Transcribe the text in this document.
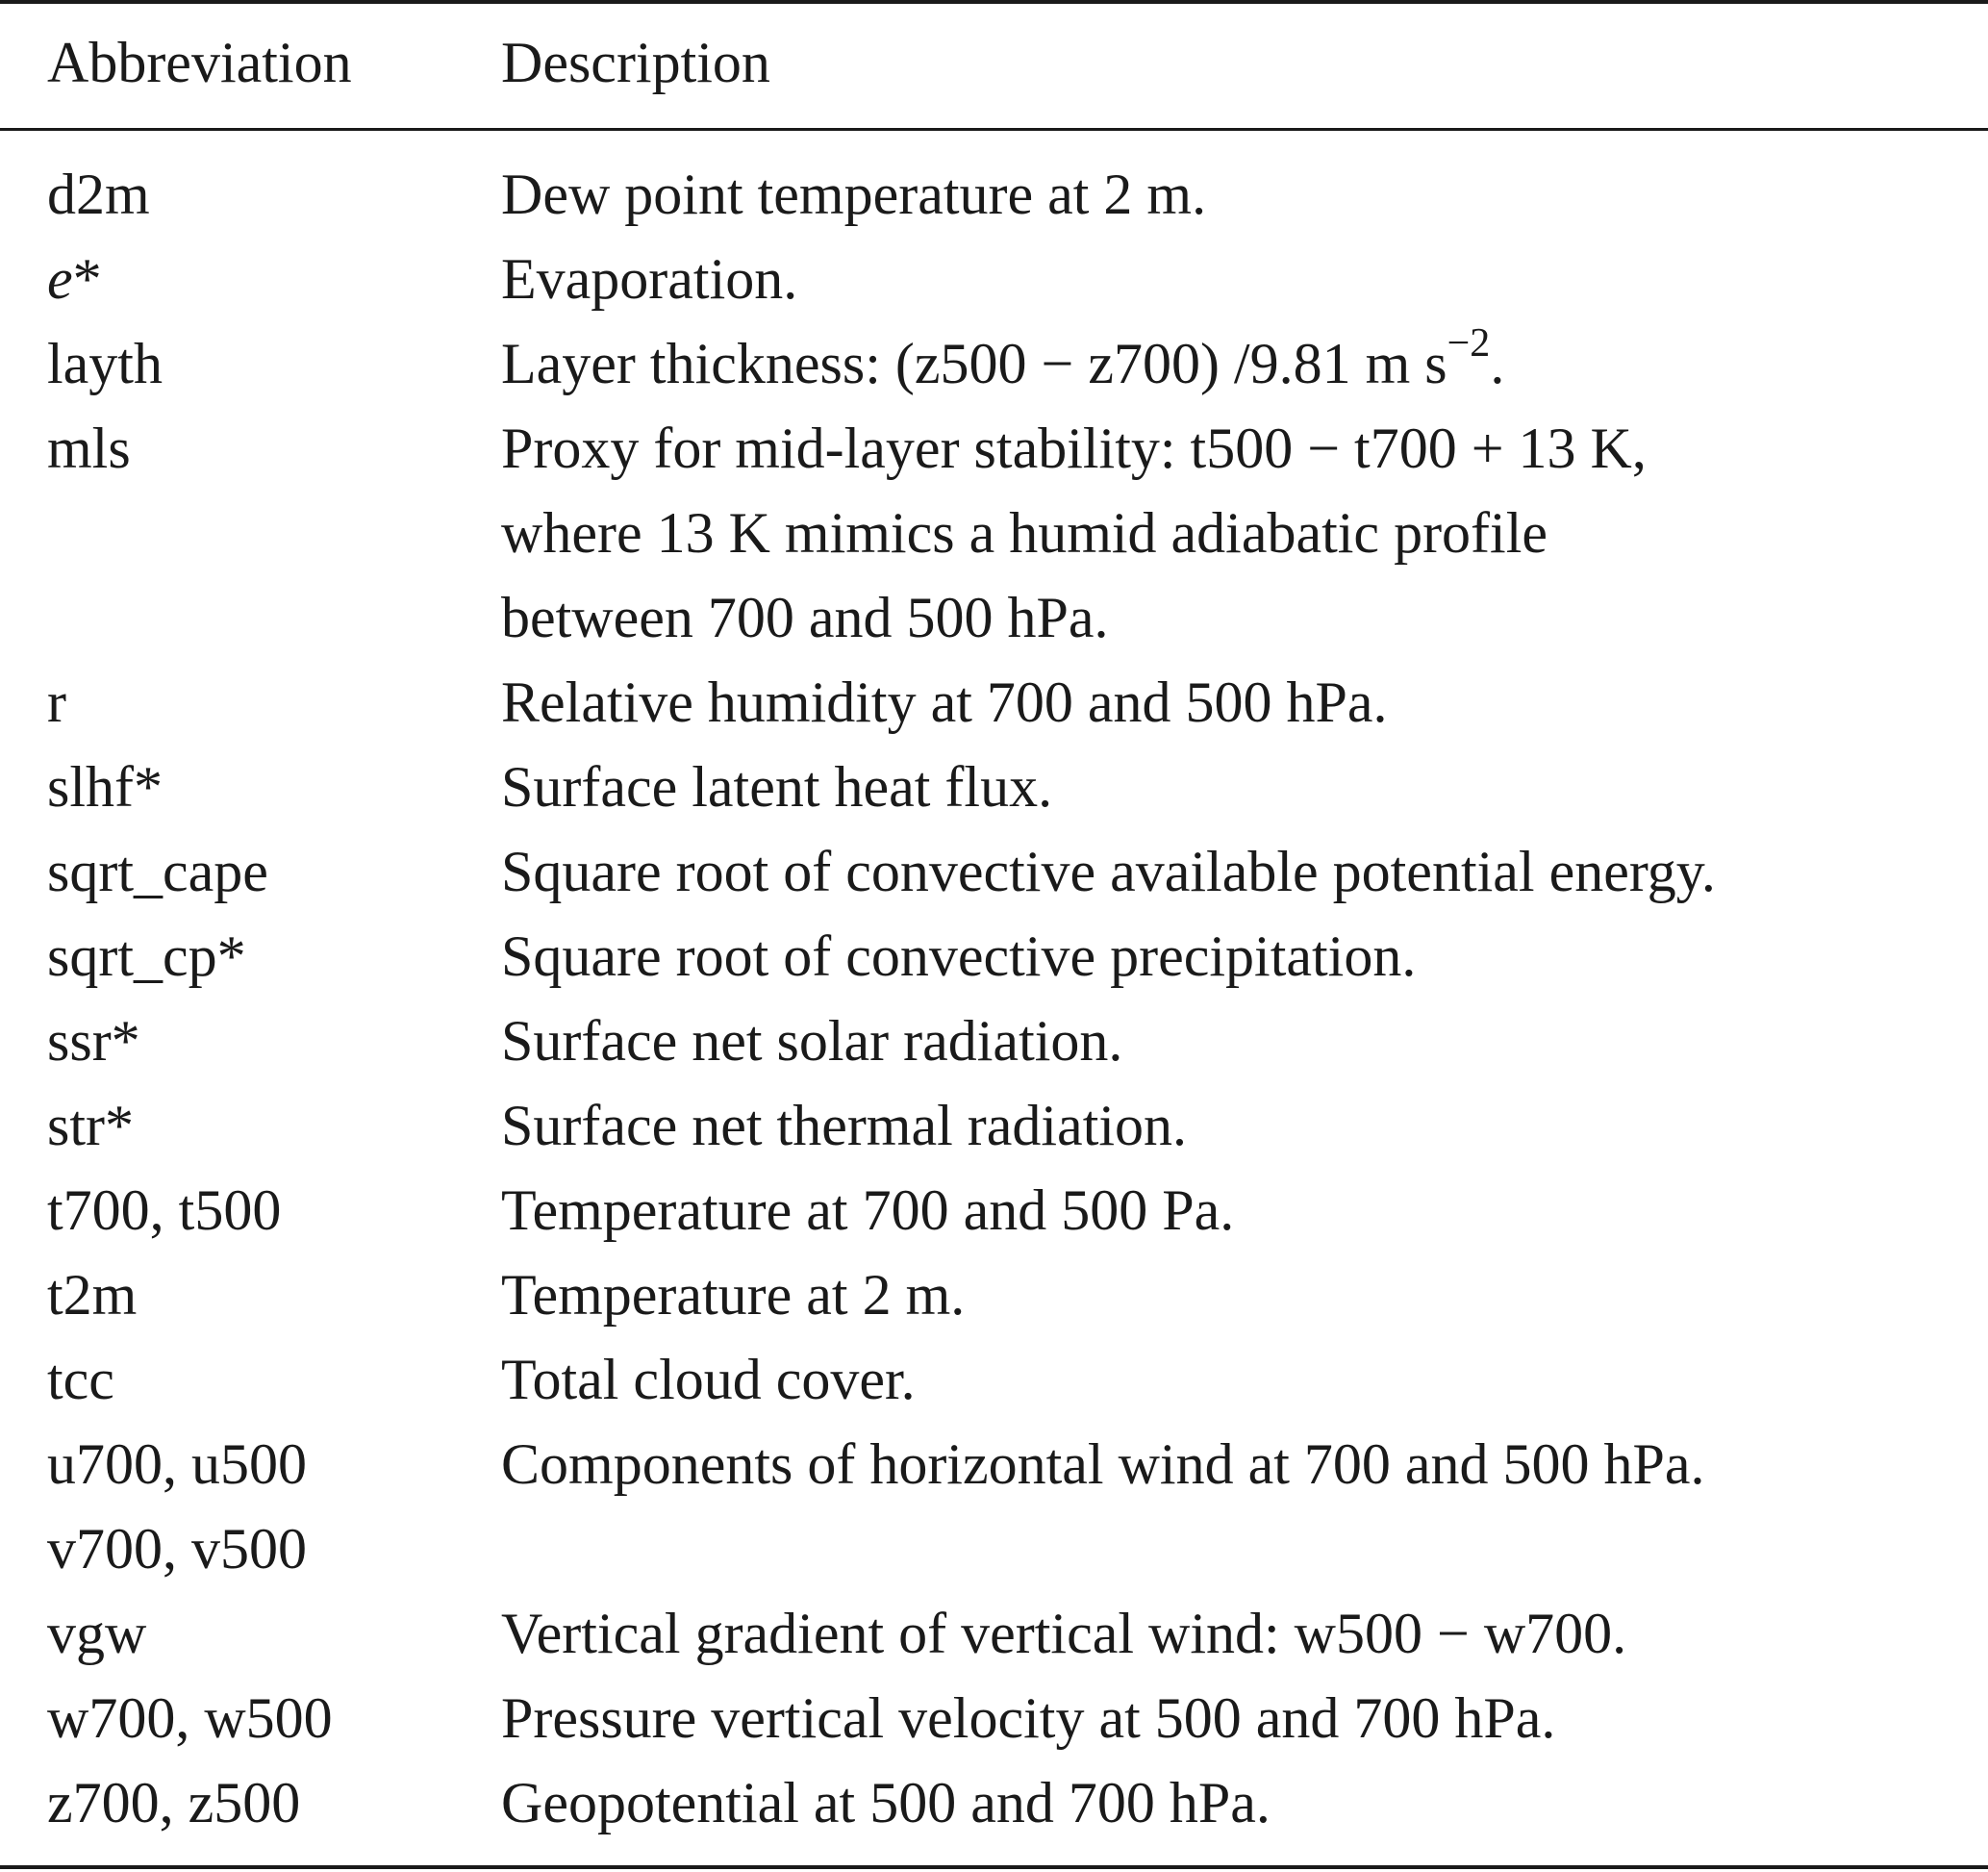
Abbreviation	Description
d2m	Dew point temperature at 2 m.
e*	Evaporation.
layth	Layer thickness: (z500 − z700) /9.81 m $s^{-2}$.
mls	Proxy for mid-layer stability: t500 − t700 + 13 K,
where 13 K mimics a humid adiabatic profile
between 700 and 500 hPa.
r	Relative humidity at 700 and 500 hPa.
slhf*	Surface latent heat flux.
sqrt_cape	Square root of convective available potential energy.
sqrt_cp*	Square root of convective precipitation.
ssr*	Surface net solar radiation.
str*	Surface net thermal radiation.
t700, t500	Temperature at 700 and 500 Pa.
t2m	Temperature at 2 m.
tcc	Total cloud cover.
u700, u500	Components of horizontal wind at 700 and 500 hPa.
v700, v500
vgw	Vertical gradient of vertical wind: w500 − w700.
w700, w500	Pressure vertical velocity at 500 and 700 hPa.
z700, z500	Geopotential at 500 and 700 hPa.
